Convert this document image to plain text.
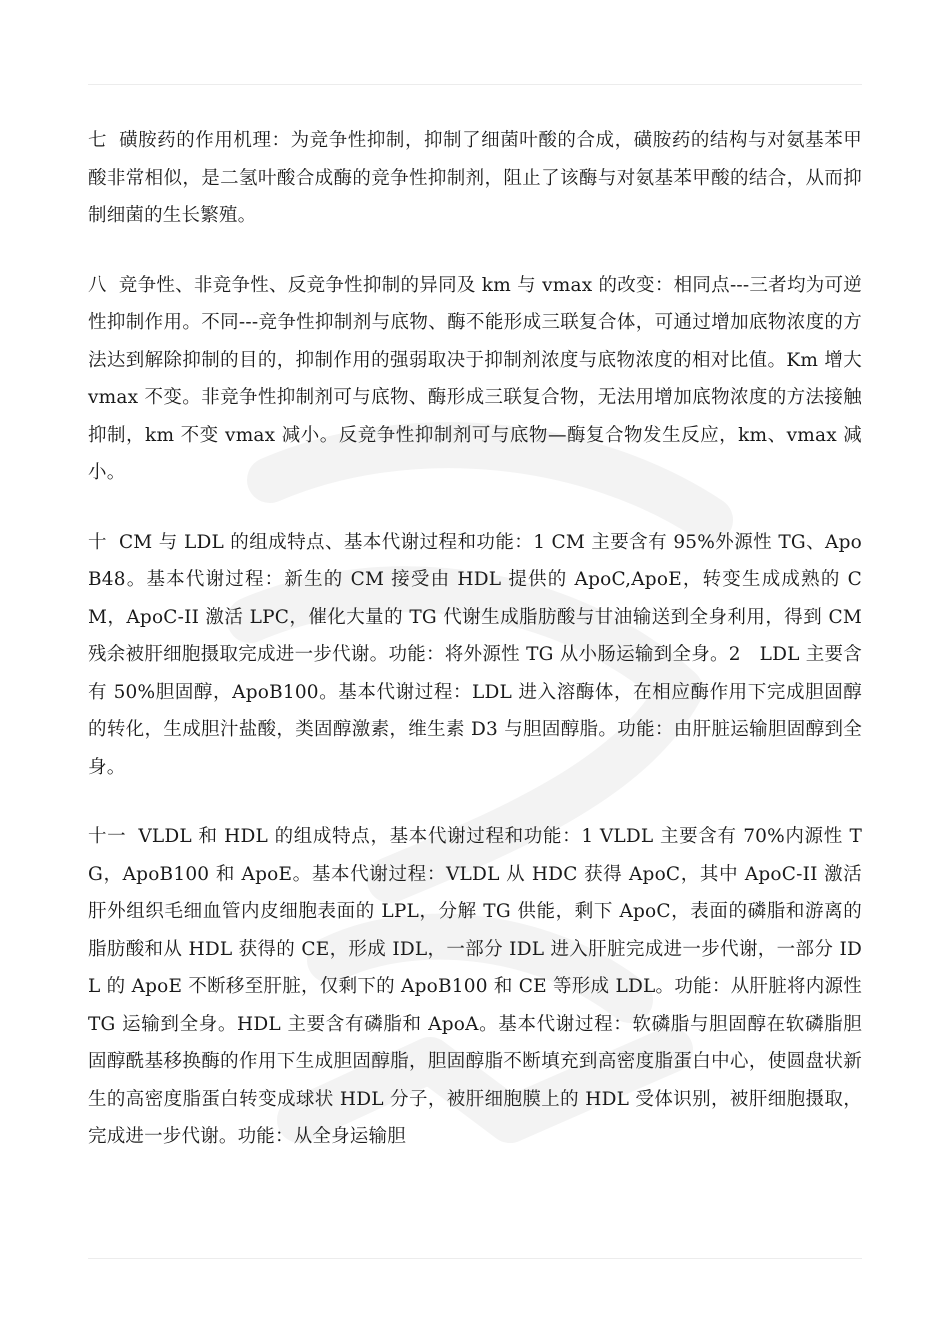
七 磺胺药的作用机理：为竞争性抑制，抑制了细菌叶酸的合成，磺胺药的结构与对氨基苯甲酸非常相似，是二氢叶酸合成酶的竞争性抑制剂，阻止了该酶与对氨基苯甲酸的结合，从而抑制细菌的生长繁殖。

八 竞争性、非竞争性、反竞争性抑制的异同及 km 与 vmax 的改变：相同点---三者均为可逆性抑制作用。不同---竞争性抑制剂与底物、酶不能形成三联复合体，可通过增加底物浓度的方法达到解除抑制的目的，抑制作用的强弱取决于抑制剂浓度与底物浓度的相对比值。Km 增大 vmax 不变。非竞争性抑制剂可与底物、酶形成三联复合物，无法用增加底物浓度的方法接触抑制，km 不变 vmax 减小。反竞争性抑制剂可与底物—酶复合物发生反应，km、vmax 减小。

十 CM 与 LDL 的组成特点、基本代谢过程和功能：1 CM 主要含有 95%外源性 TG、ApoB48。基本代谢过程：新生的 CM 接受由 HDL 提供的 ApoC,ApoE，转变生成成熟的 CM，ApoC-II 激活 LPC，催化大量的 TG 代谢生成脂肪酸与甘油输送到全身利用，得到 CM 残余被肝细胞摄取完成进一步代谢。功能：将外源性 TG 从小肠运输到全身。2　LDL 主要含有 50%胆固醇，ApoB100。基本代谢过程：LDL 进入溶酶体，在相应酶作用下完成胆固醇的转化，生成胆汁盐酸，类固醇激素，维生素 D3 与胆固醇脂。功能：由肝脏运输胆固醇到全身。

十一 VLDL 和 HDL 的组成特点，基本代谢过程和功能：1 VLDL 主要含有 70%内源性 TG，ApoB100 和 ApoE。基本代谢过程：VLDL 从 HDC 获得 ApoC，其中 ApoC-II 激活肝外组织毛细血管内皮细胞表面的 LPL，分解 TG 供能，剩下 ApoC，表面的磷脂和游离的脂肪酸和从 HDL 获得的 CE，形成 IDL，一部分 IDL 进入肝脏完成进一步代谢，一部分 IDL 的 ApoE 不断移至肝脏，仅剩下的 ApoB100 和 CE 等形成 LDL。功能：从肝脏将内源性 TG 运输到全身。HDL 主要含有磷脂和 ApoA。基本代谢过程：软磷脂与胆固醇在软磷脂胆固醇酰基移换酶的作用下生成胆固醇脂，胆固醇脂不断填充到高密度脂蛋白中心，使圆盘状新生的高密度脂蛋白转变成球状 HDL 分子，被肝细胞膜上的 HDL 受体识别，被肝细胞摄取，完成进一步代谢。功能：从全身运输胆
